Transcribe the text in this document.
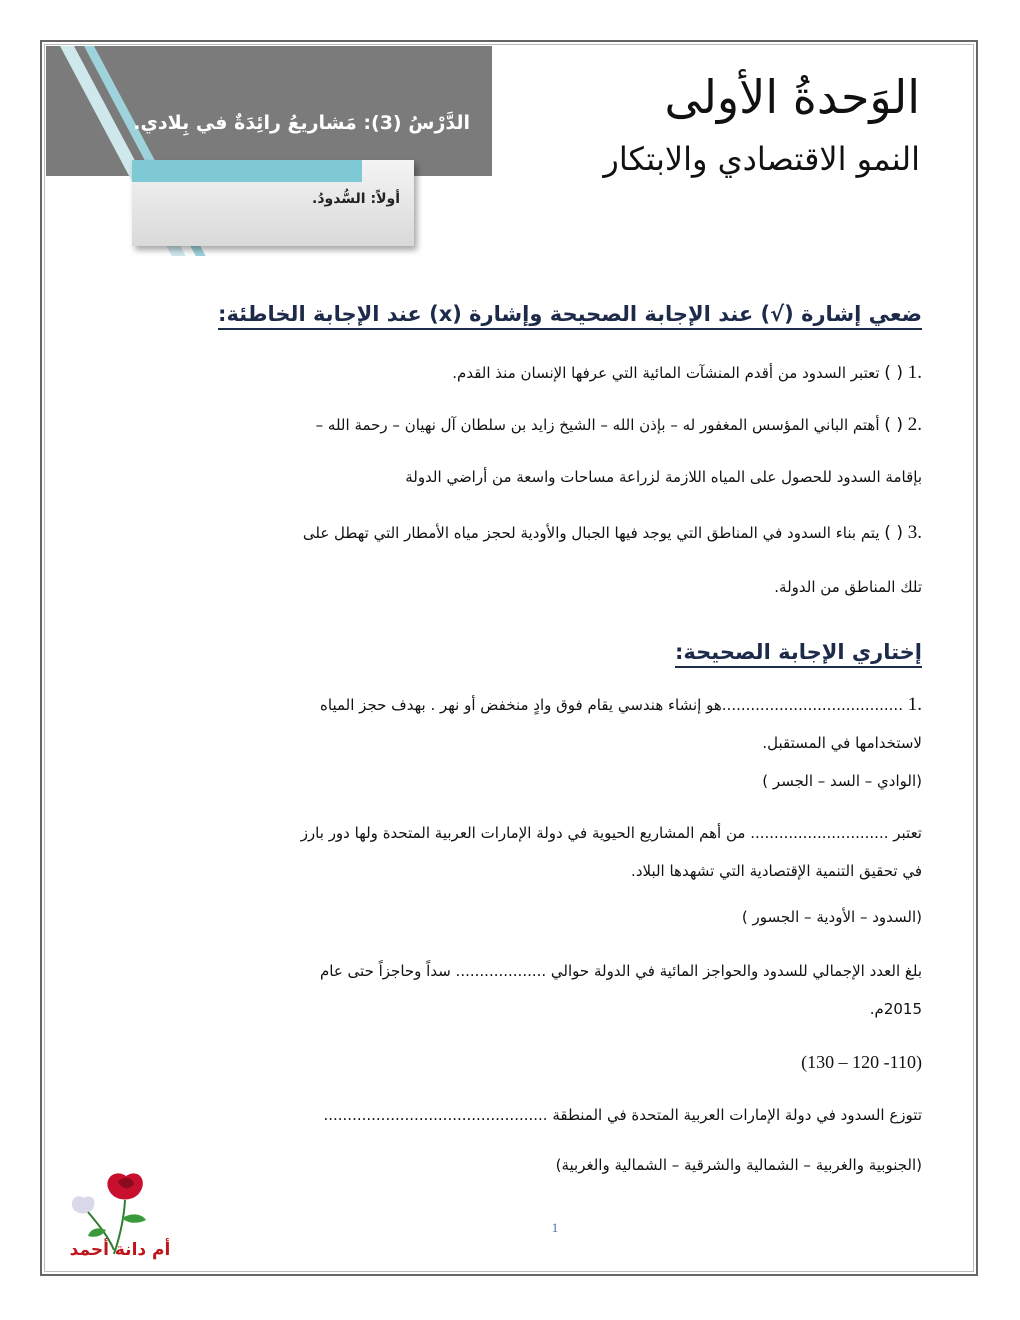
الدَّرْسُ (3): مَشاريعُ رائِدَةٌ في بِلادي.
أولاً: السُّدودُ.
الوَحدةُ الأولى
النمو الاقتصادي والابتكار
ضعي إشارة (√) عند الإجابة الصحيحة وإشارة (x) عند الإجابة الخاطئة:
.1 ( ) تعتبر السدود من أقدم المنشآت المائية التي عرفها الإنسان منذ القدم.
.2 ( ) أهتم الباني المؤسس المغفور له – بإذن الله – الشيخ زايد بن سلطان آل نهيان – رحمة الله –
بإقامة السدود للحصول على المياه اللازمة لزراعة مساحات واسعة من أراضي الدولة
.3 ( ) يتم بناء السدود في المناطق التي يوجد فيها الجبال والأودية لحجز مياه الأمطار التي تهطل على
تلك المناطق من الدولة.
إختاري الإجابة الصحيحة:
.1 ......................................هو إنشاء هندسي يقام فوق وادٍ منخفض أو نهر . بهدف حجز المياه
لاستخدامها في المستقبل.
(الوادي – السد – الجسر )
تعتبر ............................. من أهم المشاريع الحيوية في دولة الإمارات العربية المتحدة ولها دور بارز
في تحقيق التنمية الإقتصادية التي تشهدها البلاد.
(السدود – الأودية – الجسور )
بلغ العدد الإجمالي للسدود والحواجز المائية في الدولة حوالي ................... سداً وحاجزاً حتى عام
2015م.
(110- 120 – 130)
تتوزع السدود في دولة الإمارات العربية المتحدة في المنطقة ...............................................
(الجنوبية والغربية – الشمالية والشرقية – الشمالية والغربية)
1
أم دانة أحمد
